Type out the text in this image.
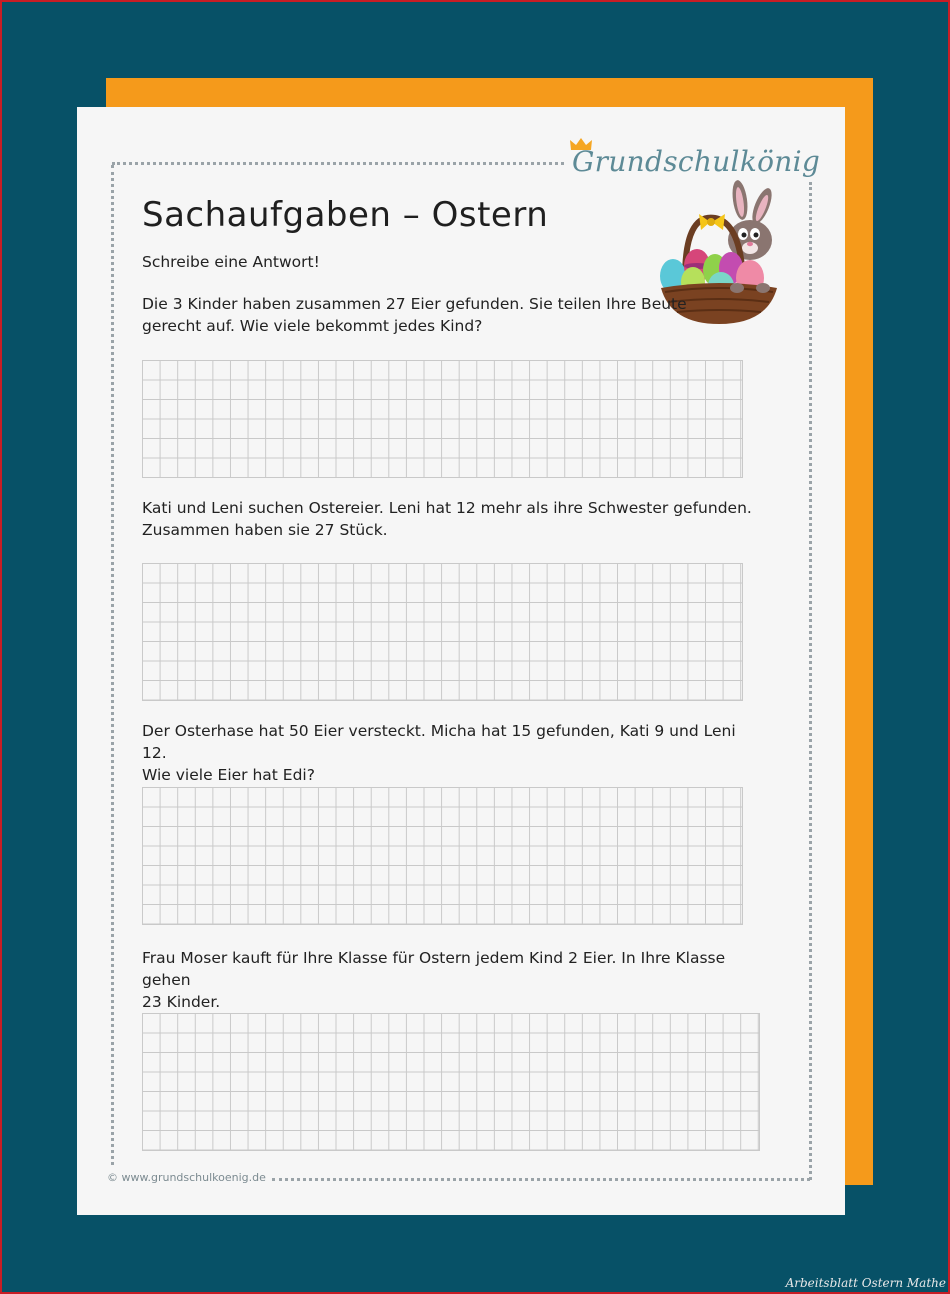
Grundschulkönig
Sachaufgaben – Ostern
Schreibe eine Antwort!
Die 3 Kinder haben zusammen 27 Eier gefunden. Sie teilen Ihre Beute
gerecht auf. Wie viele bekommt jedes Kind?
Kati und Leni suchen Ostereier. Leni hat 12 mehr als ihre Schwester gefunden.
Zusammen haben sie 27 Stück.
Der Osterhase hat 50 Eier versteckt. Micha hat 15 gefunden, Kati 9 und Leni 12.
Wie viele Eier hat Edi?
Frau Moser kauft für Ihre Klasse für Ostern jedem Kind 2 Eier. In Ihre Klasse gehen
23 Kinder.
© www.grundschulkoenig.de
Arbeitsblatt Ostern Mathe
